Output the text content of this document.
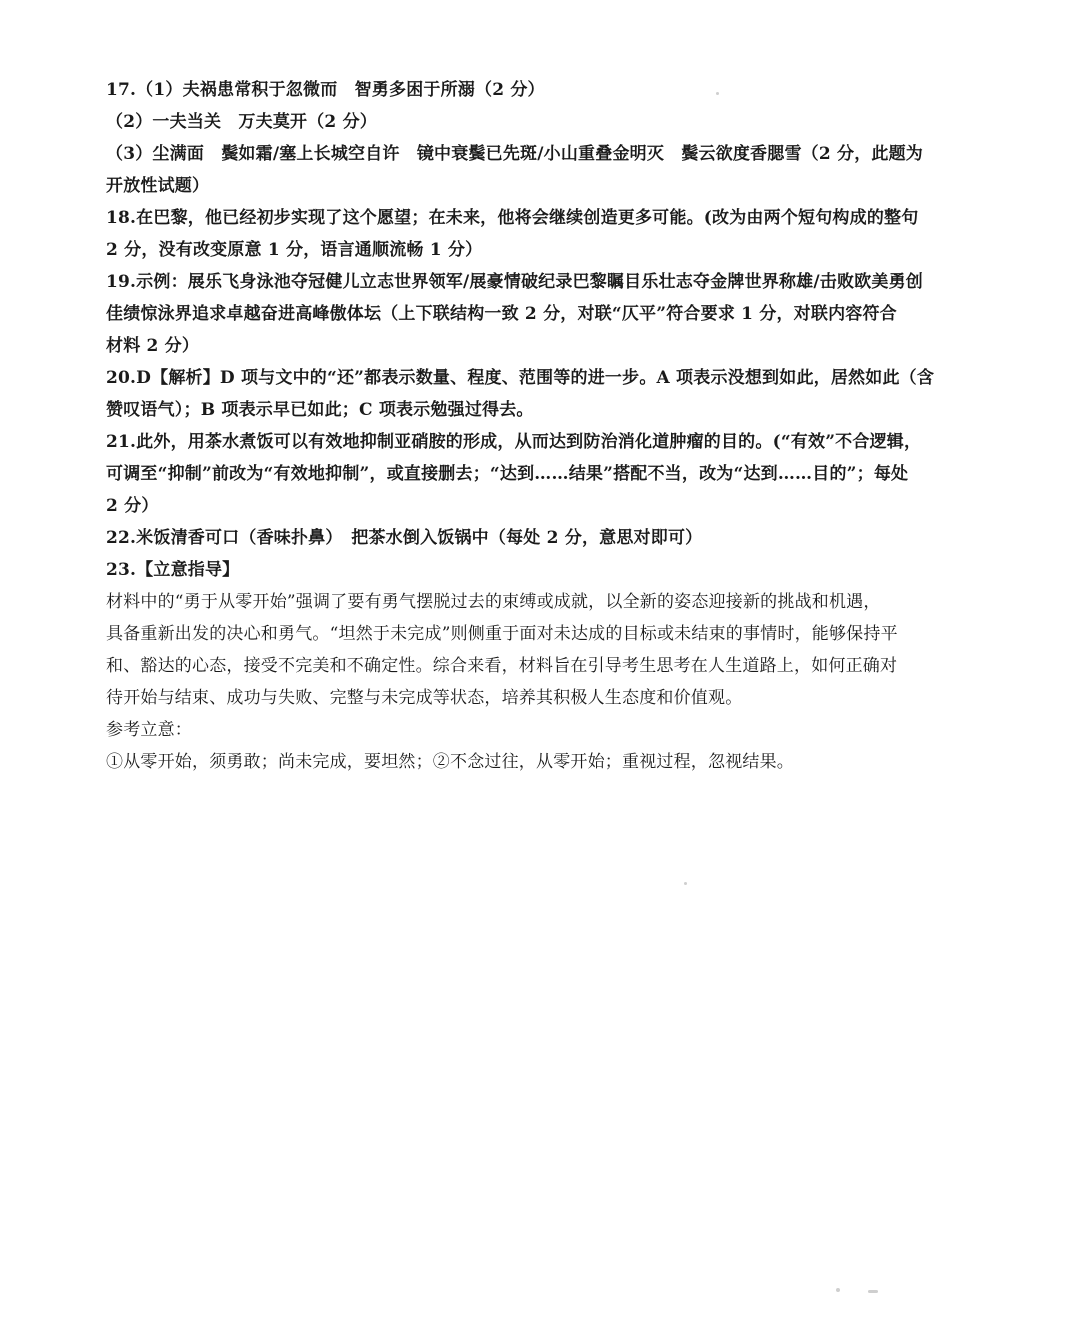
17.（1）夫祸患常积于忽微而　智勇多困于所溺（2 分）
（2）一夫当关　万夫莫开（2 分）
（3）尘满面　鬓如霜/塞上长城空自许　镜中衰鬓已先斑/小山重叠金明灭　鬓云欲度香腮雪（2 分，此题为
开放性试题）
18.在巴黎，他已经初步实现了这个愿望；在未来，他将会继续创造更多可能。(改为由两个短句构成的整句
2 分，没有改变原意 1 分，语言通顺流畅 1 分）
19.示例：展乐飞身泳池夺冠健儿立志世界领军/展豪情破纪录巴黎瞩目乐壮志夺金牌世界称雄/击败欧美勇创
佳绩惊泳界追求卓越奋进高峰傲体坛（上下联结构一致 2 分，对联“仄平”符合要求 1 分，对联内容符合
材料 2 分）
20.D【解析】D 项与文中的“还”都表示数量、程度、范围等的进一步。A 项表示没想到如此，居然如此（含
赞叹语气）；B 项表示早已如此；C 项表示勉强过得去。
21.此外，用茶水煮饭可以有效地抑制亚硝胺的形成，从而达到防治消化道肿瘤的目的。(“有效”不合逻辑，
可调至“抑制”前改为“有效地抑制”，或直接删去；“达到……结果”搭配不当，改为“达到……目的”；每处
2 分）
22.米饭清香可口（香味扑鼻）　把茶水倒入饭锅中（每处 2 分，意思对即可）
23.【立意指导】
材料中的“勇于从零开始”强调了要有勇气摆脱过去的束缚或成就，以全新的姿态迎接新的挑战和机遇，
具备重新出发的决心和勇气。“坦然于未完成”则侧重于面对未达成的目标或未结束的事情时，能够保持平
和、豁达的心态，接受不完美和不确定性。综合来看，材料旨在引导考生思考在人生道路上，如何正确对
待开始与结束、成功与失败、完整与未完成等状态，培养其积极人生态度和价值观。
参考立意：
①从零开始，须勇敢；尚未完成，要坦然；②不念过往，从零开始；重视过程，忽视结果。
